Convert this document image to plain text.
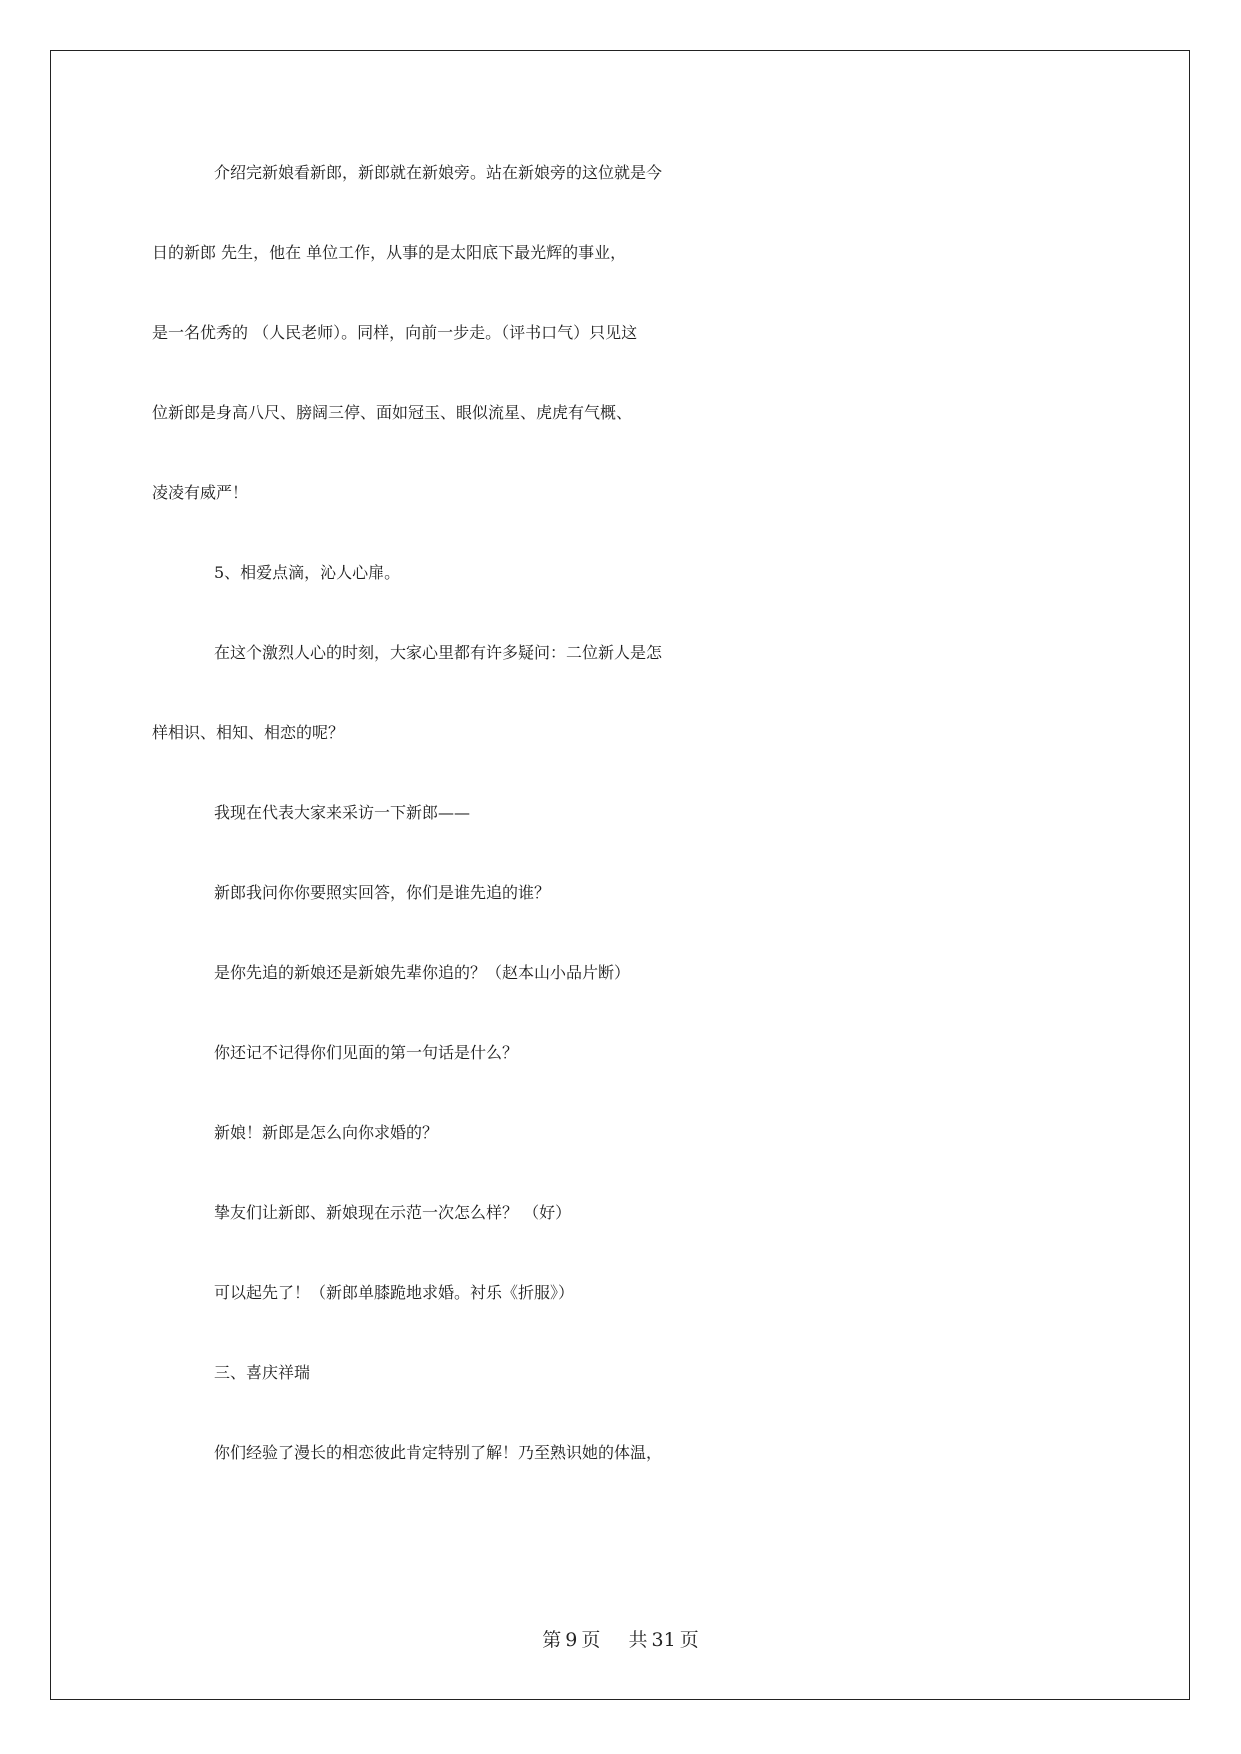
介绍完新娘看新郎，新郎就在新娘旁。站在新娘旁的这位就是今
日的新郎 先生，他在 单位工作，从事的是太阳底下最光辉的事业，
是一名优秀的 （人民老师）。同样，向前一步走。（评书口气）只见这
位新郎是身高八尺、膀阔三停、面如冠玉、眼似流星、虎虎有气概、
凌凌有威严！
5、相爱点滴，沁人心扉。
在这个激烈人心的时刻，大家心里都有许多疑问：二位新人是怎
样相识、相知、相恋的呢？
我现在代表大家来采访一下新郎——
新郎我问你你要照实回答，你们是谁先追的谁？
是你先追的新娘还是新娘先辈你追的？（赵本山小品片断）
你还记不记得你们见面的第一句话是什么？
新娘！新郎是怎么向你求婚的？
挚友们让新郎、新娘现在示范一次怎么样？ （好）
可以起先了！（新郎单膝跪地求婚。衬乐《折服》）
三、喜庆祥瑞
你们经验了漫长的相恋彼此肯定特别了解！乃至熟识她的体温，
第 9 页 共 31 页
